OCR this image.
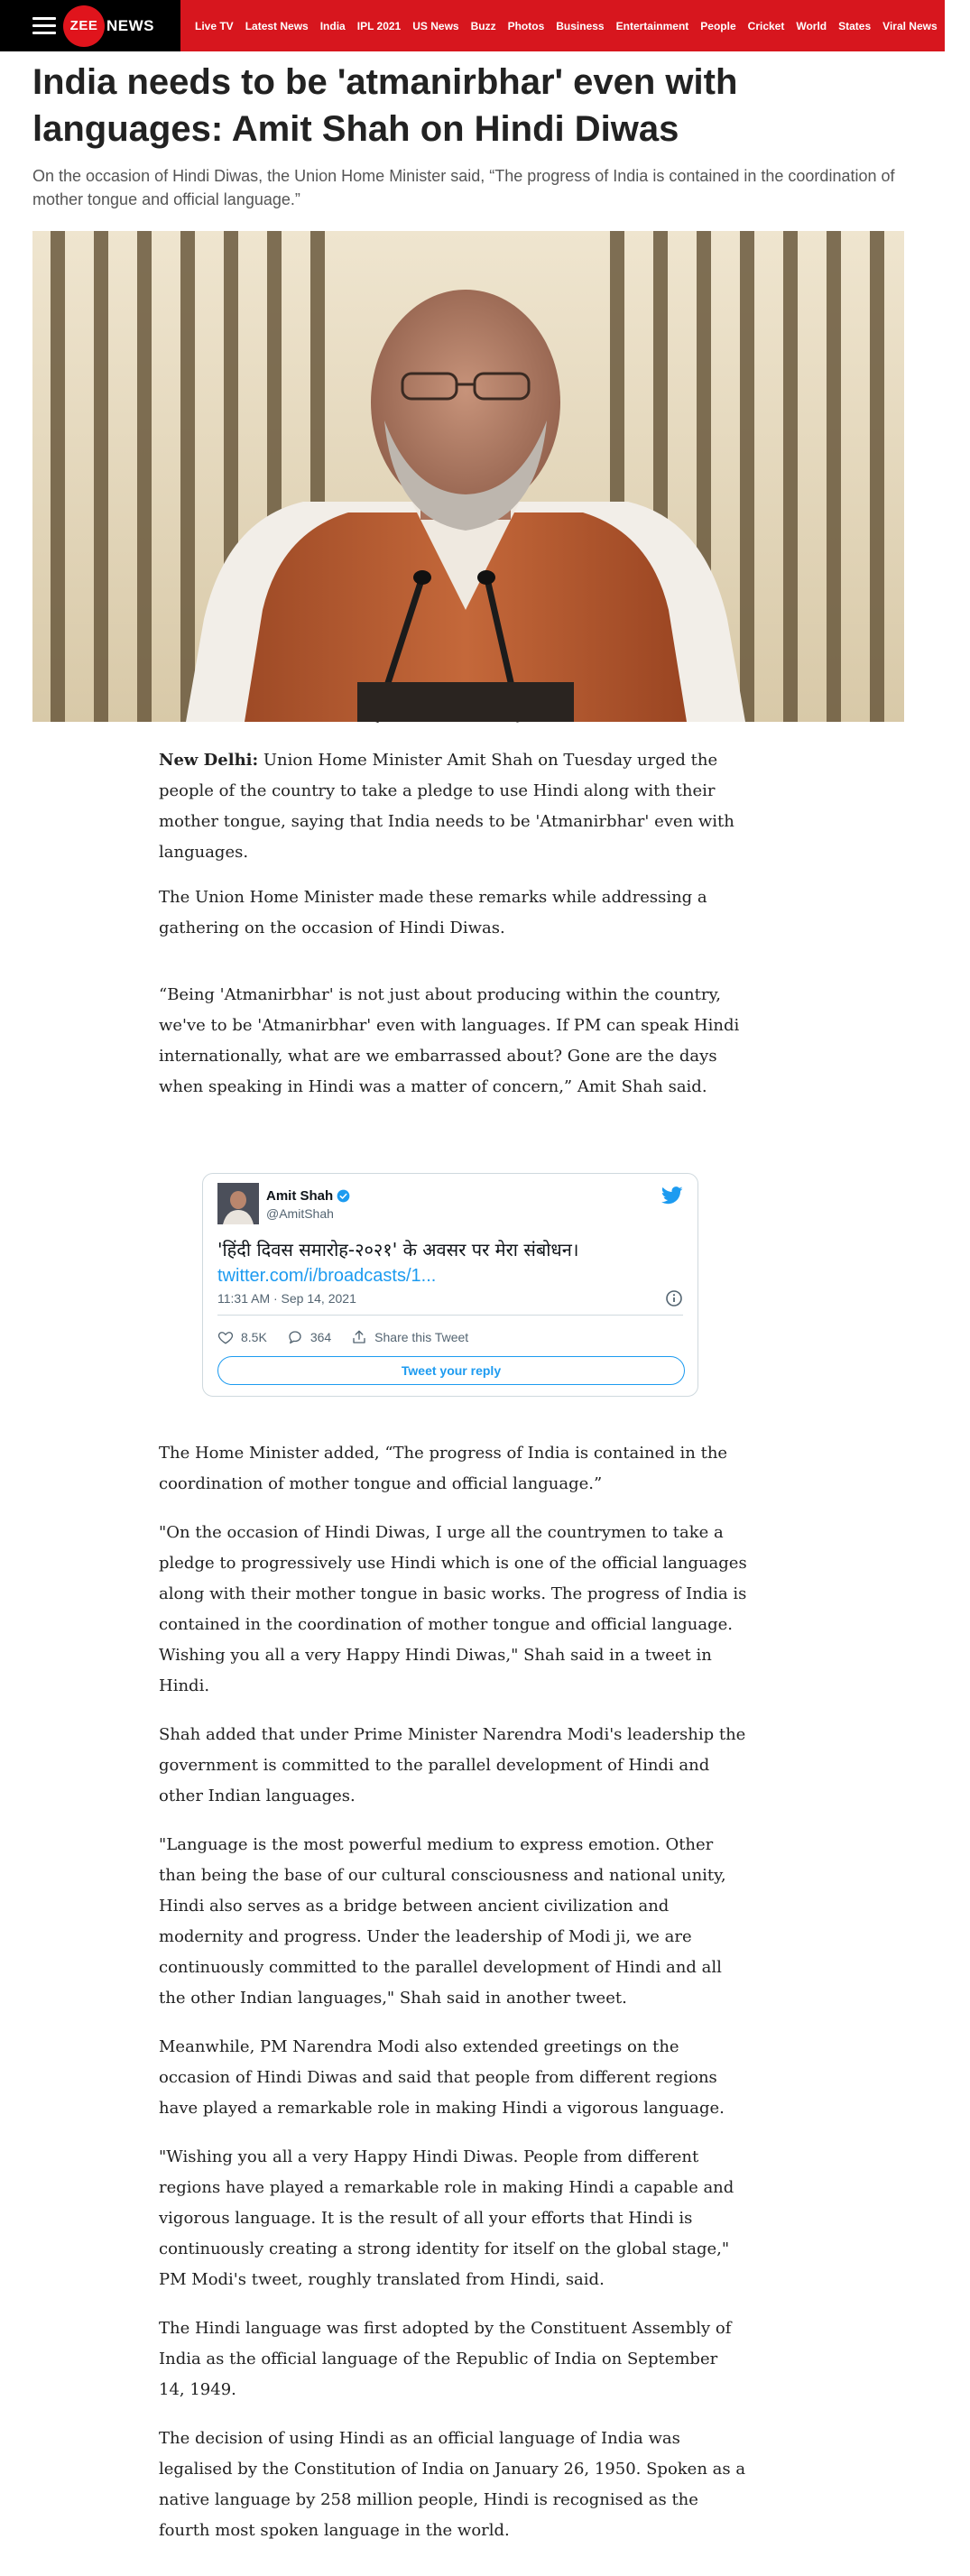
ZEE NEWS	Live TV Latest News India IPL 2021 US News Buzz Photos Business Entertainment People Cricket World States Viral News ...
India needs to be 'atmanirbhar' even with languages: Amit Shah on Hindi Diwas

On the occasion of Hindi Diwas, the Union Home Minister said, “The progress of India is contained in the coordination of mother tongue and official language.”

New Delhi: Union Home Minister Amit Shah on Tuesday urged the people of the country to take a pledge to use Hindi along with their mother tongue, saying that India needs to be 'Atmanirbhar' even with languages.

The Union Home Minister made these remarks while addressing a gathering on the occasion of Hindi Diwas.

“Being 'Atmanirbhar' is not just about producing within the country, we've to be 'Atmanirbhar' even with languages. If PM can speak Hindi internationally, what are we embarrassed about? Gone are the days when speaking in Hindi was a matter of concern,” Amit Shah said.

Amit Shah
@AmitShah
'हिंदी दिवस समारोह-२०२१' के अवसर पर मेरा संबोधन।
twitter.com/i/broadcasts/1...
11:31 AM · Sep 14, 2021
8.5K	364	Share this Tweet
Tweet your reply

The Home Minister added, “The progress of India is contained in the coordination of mother tongue and official language.”

"On the occasion of Hindi Diwas, I urge all the countrymen to take a pledge to progressively use Hindi which is one of the official languages along with their mother tongue in basic works. The progress of India is contained in the coordination of mother tongue and official language. Wishing you all a very Happy Hindi Diwas," Shah said in a tweet in Hindi.

Shah added that under Prime Minister Narendra Modi's leadership the government is committed to the parallel development of Hindi and other Indian languages.

"Language is the most powerful medium to express emotion. Other than being the base of our cultural consciousness and national unity, Hindi also serves as a bridge between ancient civilization and modernity and progress. Under the leadership of Modi ji, we are continuously committed to the parallel development of Hindi and all the other Indian languages," Shah said in another tweet.

Meanwhile, PM Narendra Modi also extended greetings on the occasion of Hindi Diwas and said that people from different regions have played a remarkable role in making Hindi a vigorous language.

"Wishing you all a very Happy Hindi Diwas. People from different regions have played a remarkable role in making Hindi a capable and vigorous language. It is the result of all your efforts that Hindi is continuously creating a strong identity for itself on the global stage," PM Modi's tweet, roughly translated from Hindi, said.

The Hindi language was first adopted by the Constituent Assembly of India as the official language of the Republic of India on September 14, 1949.

The decision of using Hindi as an official language of India was legalised by the Constitution of India on January 26, 1950. Spoken as a native language by 258 million people, Hindi is recognised as the fourth most spoken language in the world.
